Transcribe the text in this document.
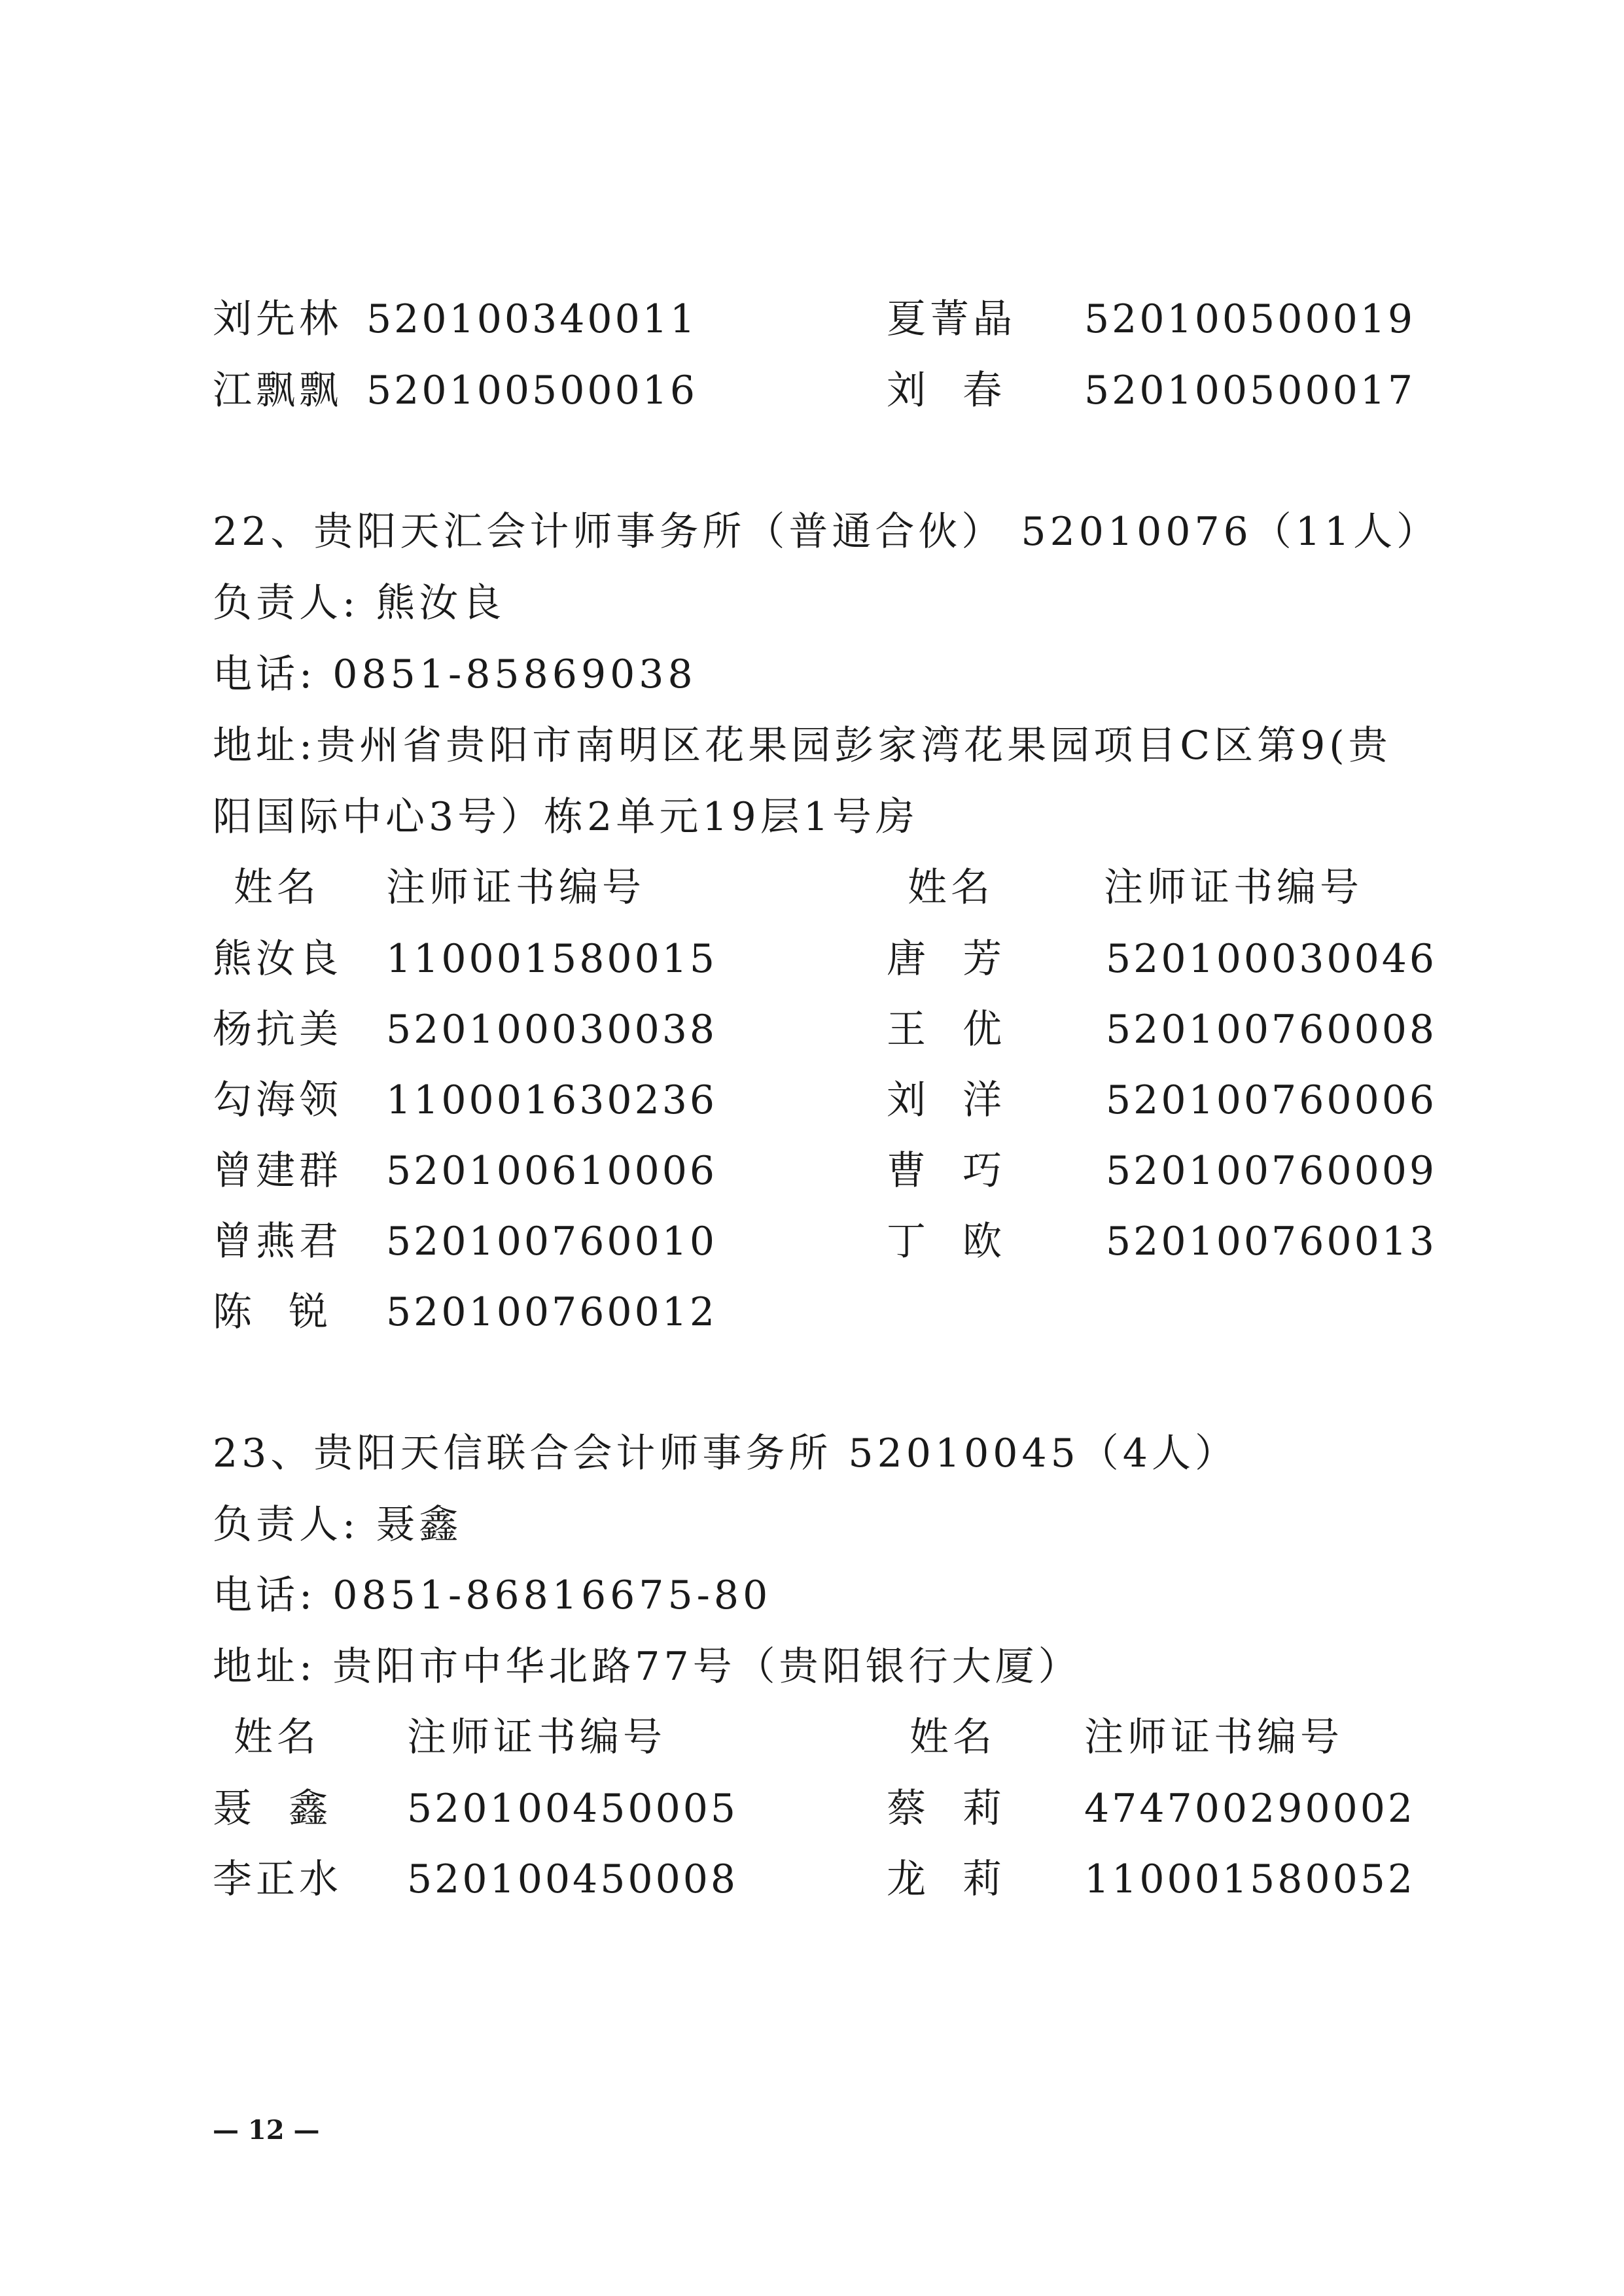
刘先林 520100340011	夏菁晶 520100500019
江飘飘 520100500016	刘  春 520100500017
22、贵阳天汇会计师事务所（普通合伙） 52010076（11人）
负责人: 熊汝良
电话: 0851-85869038
地址:贵州省贵阳市南明区花果园彭家湾花果园项目C区第9(贵
阳国际中心3号）栋2单元19层1号房
姓名 注师证书编号	姓名	注师证书编号
熊汝良 110001580015	唐  芳	520100030046
杨抗美 520100030038	王  优	520100760008
勾海领 110001630236	刘  洋	520100760006
曾建群 520100610006	曹  巧	520100760009
曾燕君 520100760010	丁  欧	520100760013
陈  锐 520100760012
23、贵阳天信联合会计师事务所 52010045（4人）
负责人: 聂鑫
电话: 0851-86816675-80
地址: 贵阳市中华北路77号（贵阳银行大厦）
姓名 注师证书编号	姓名 注师证书编号
聂  鑫 520100450005	蔡  莉 474700290002
李正水 520100450008	龙  莉 110001580052
— 12 —
